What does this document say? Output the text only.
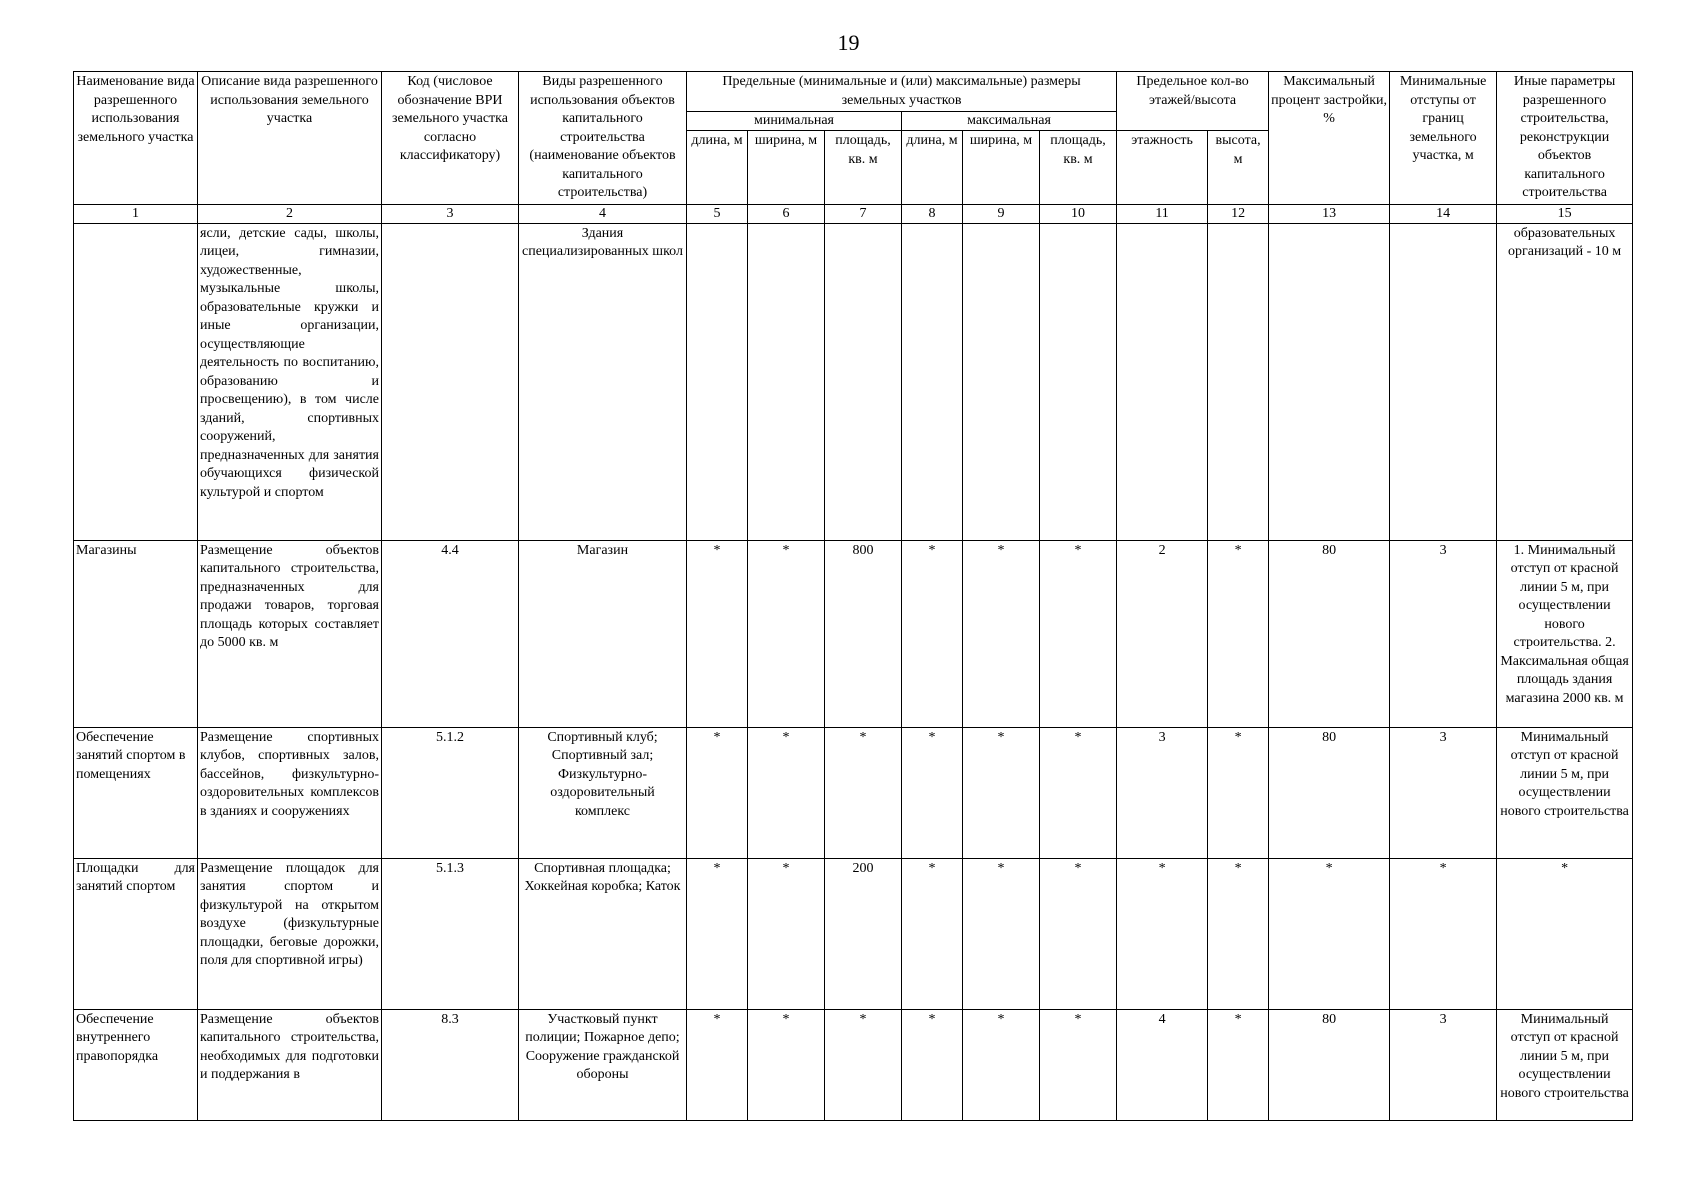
19
Наименование вида разрешенного использования земельного участка	Описание вида разрешенного использования земельного участка	Код (числовое обозначение ВРИ земельного участка согласно классификатору)	Виды разрешенного использования объектов капитального строительства (наименование объектов капитального строительства)	Предельные (минимальные и (или) максимальные) размеры земельных участков						Предельное кол-во этажей/высота		Максимальный процент застройки, %	Минимальные отступы от границ земельного участка, м	Иные параметры разрешенного строительства, реконструкции объектов капитального строительства
				минимальная			максимальная							
				длина, м	ширина, м	площадь, кв. м	длина, м	ширина, м	площадь, кв. м	этажность	высота, м			
1	2	3	4	5	6	7	8	9	10	11	12	13	14	15
	ясли, детские сады, школы, лицеи, гимназии, художественные, музыкальные школы, образовательные кружки и иные организации, осуществляющие деятельность по воспитанию, образованию и просвещению), в том числе зданий, спортивных сооружений, предназначенных для занятия обучающихся физической культурой и спортом		Здания специализированных школ											образовательных организаций - 10 м
Магазины	Размещение объектов капитального строительства, предназначенных для продажи товаров, торговая площадь которых составляет до 5000 кв. м	4.4	Магазин	*	*	800	*	*	*	2	*	80	3	1. Минимальный отступ от красной линии 5 м, при осуществлении нового строительства. 2. Максимальная общая площадь здания магазина 2000 кв. м
Обеспечение занятий спортом в помещениях	Размещение спортивных клубов, спортивных залов, бассейнов, физкультурно-оздоровительных комплексов в зданиях и сооружениях	5.1.2	Спортивный клуб; Спортивный зал; Физкультурно-оздоровительный комплекс	*	*	*	*	*	*	3	*	80	3	Минимальный отступ от красной линии 5 м, при осуществлении нового строительства
Площадки для занятий спортом	Размещение площадок для занятия спортом и физкультурой на открытом воздухе (физкультурные площадки, беговые дорожки, поля для спортивной игры)	5.1.3	Спортивная площадка; Хоккейная коробка; Каток	*	*	200	*	*	*	*	*	*	*	*
Обеспечение внутреннего правопорядка	Размещение объектов капитального строительства, необходимых для подготовки и поддержания в	8.3	Участковый пункт полиции; Пожарное депо; Сооружение гражданской обороны	*	*	*	*	*	*	4	*	80	3	Минимальный отступ от красной линии 5 м, при осуществлении нового строительства
